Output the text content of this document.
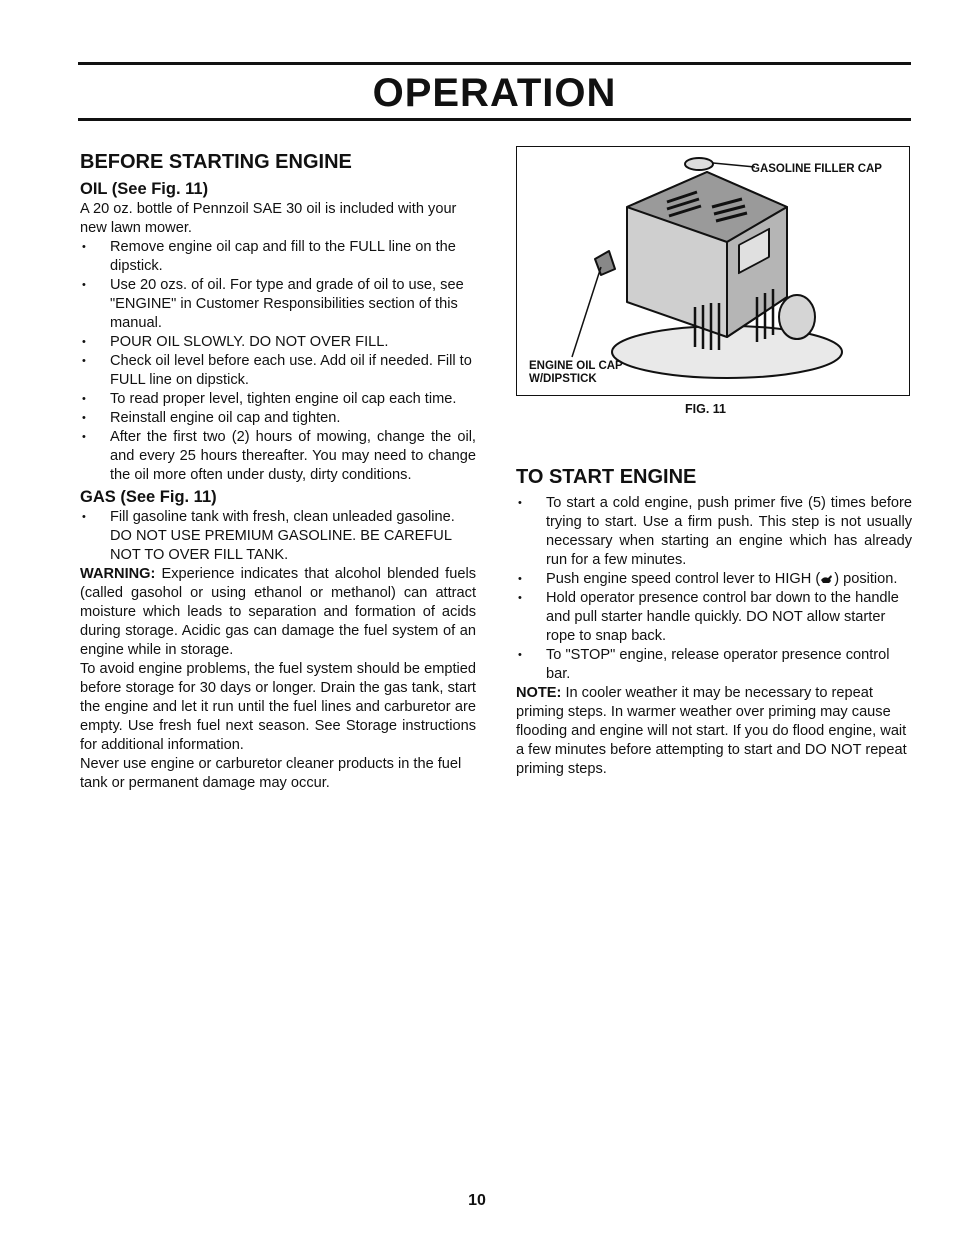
OPERATION
BEFORE STARTING ENGINE
OIL (See Fig. 11)

A 20 oz. bottle of Pennzoil SAE 30 oil is included with your new lawn mower.

• Remove engine oil cap and fill to the FULL line on the dipstick.
• Use 20 ozs. of oil. For type and grade of oil to use, see "ENGINE" in Customer Responsibilities section of this manual.
• POUR OIL SLOWLY. DO NOT OVER FILL.
• Check oil level before each use. Add oil if needed. Fill to FULL line on dipstick.
• To read proper level, tighten engine oil cap each time.
• Reinstall engine oil cap and tighten.
• After the first two (2) hours of mowing, change the oil, and every 25 hours thereafter. You may need to change the oil more often under dusty, dirty conditions.
GAS (See Fig. 11)
• Fill gasoline tank with fresh, clean unleaded gasoline. DO NOT USE PREMIUM GASOLINE. BE CAREFUL NOT TO OVER FILL TANK.

WARNING: Experience indicates that alcohol blended fuels (called gasohol or using ethanol or methanol) can attract moisture which leads to separation and formation of acids during storage. Acidic gas can damage the fuel system of an engine while in storage.

To avoid engine problems, the fuel system should be emptied before storage for 30 days or longer. Drain the gas tank, start the engine and let it run until the fuel lines and carburetor are empty. Use fresh fuel next season. See Storage instructions for additional information.

Never use engine or carburetor cleaner products in the fuel tank or permanent damage may occur.

GASOLINE FILLER CAP
ENGINE OIL CAP
W/DIPSTICK
FIG. 11
TO START ENGINE
• To start a cold engine, push primer five (5) times before trying to start. Use a firm push. This step is not usually necessary when starting an engine which has already run for a few minutes.
• Push engine speed control lever to HIGH ( ) position.
• Hold operator presence control bar down to the handle and pull starter handle quickly. DO NOT allow starter rope to snap back.
• To "STOP" engine, release operator presence control bar.

NOTE: In cooler weather it may be necessary to repeat priming steps. In warmer weather over priming may cause flooding and engine will not start. If you do flood engine, wait a few minutes before attempting to start and DO NOT repeat priming steps.

10
